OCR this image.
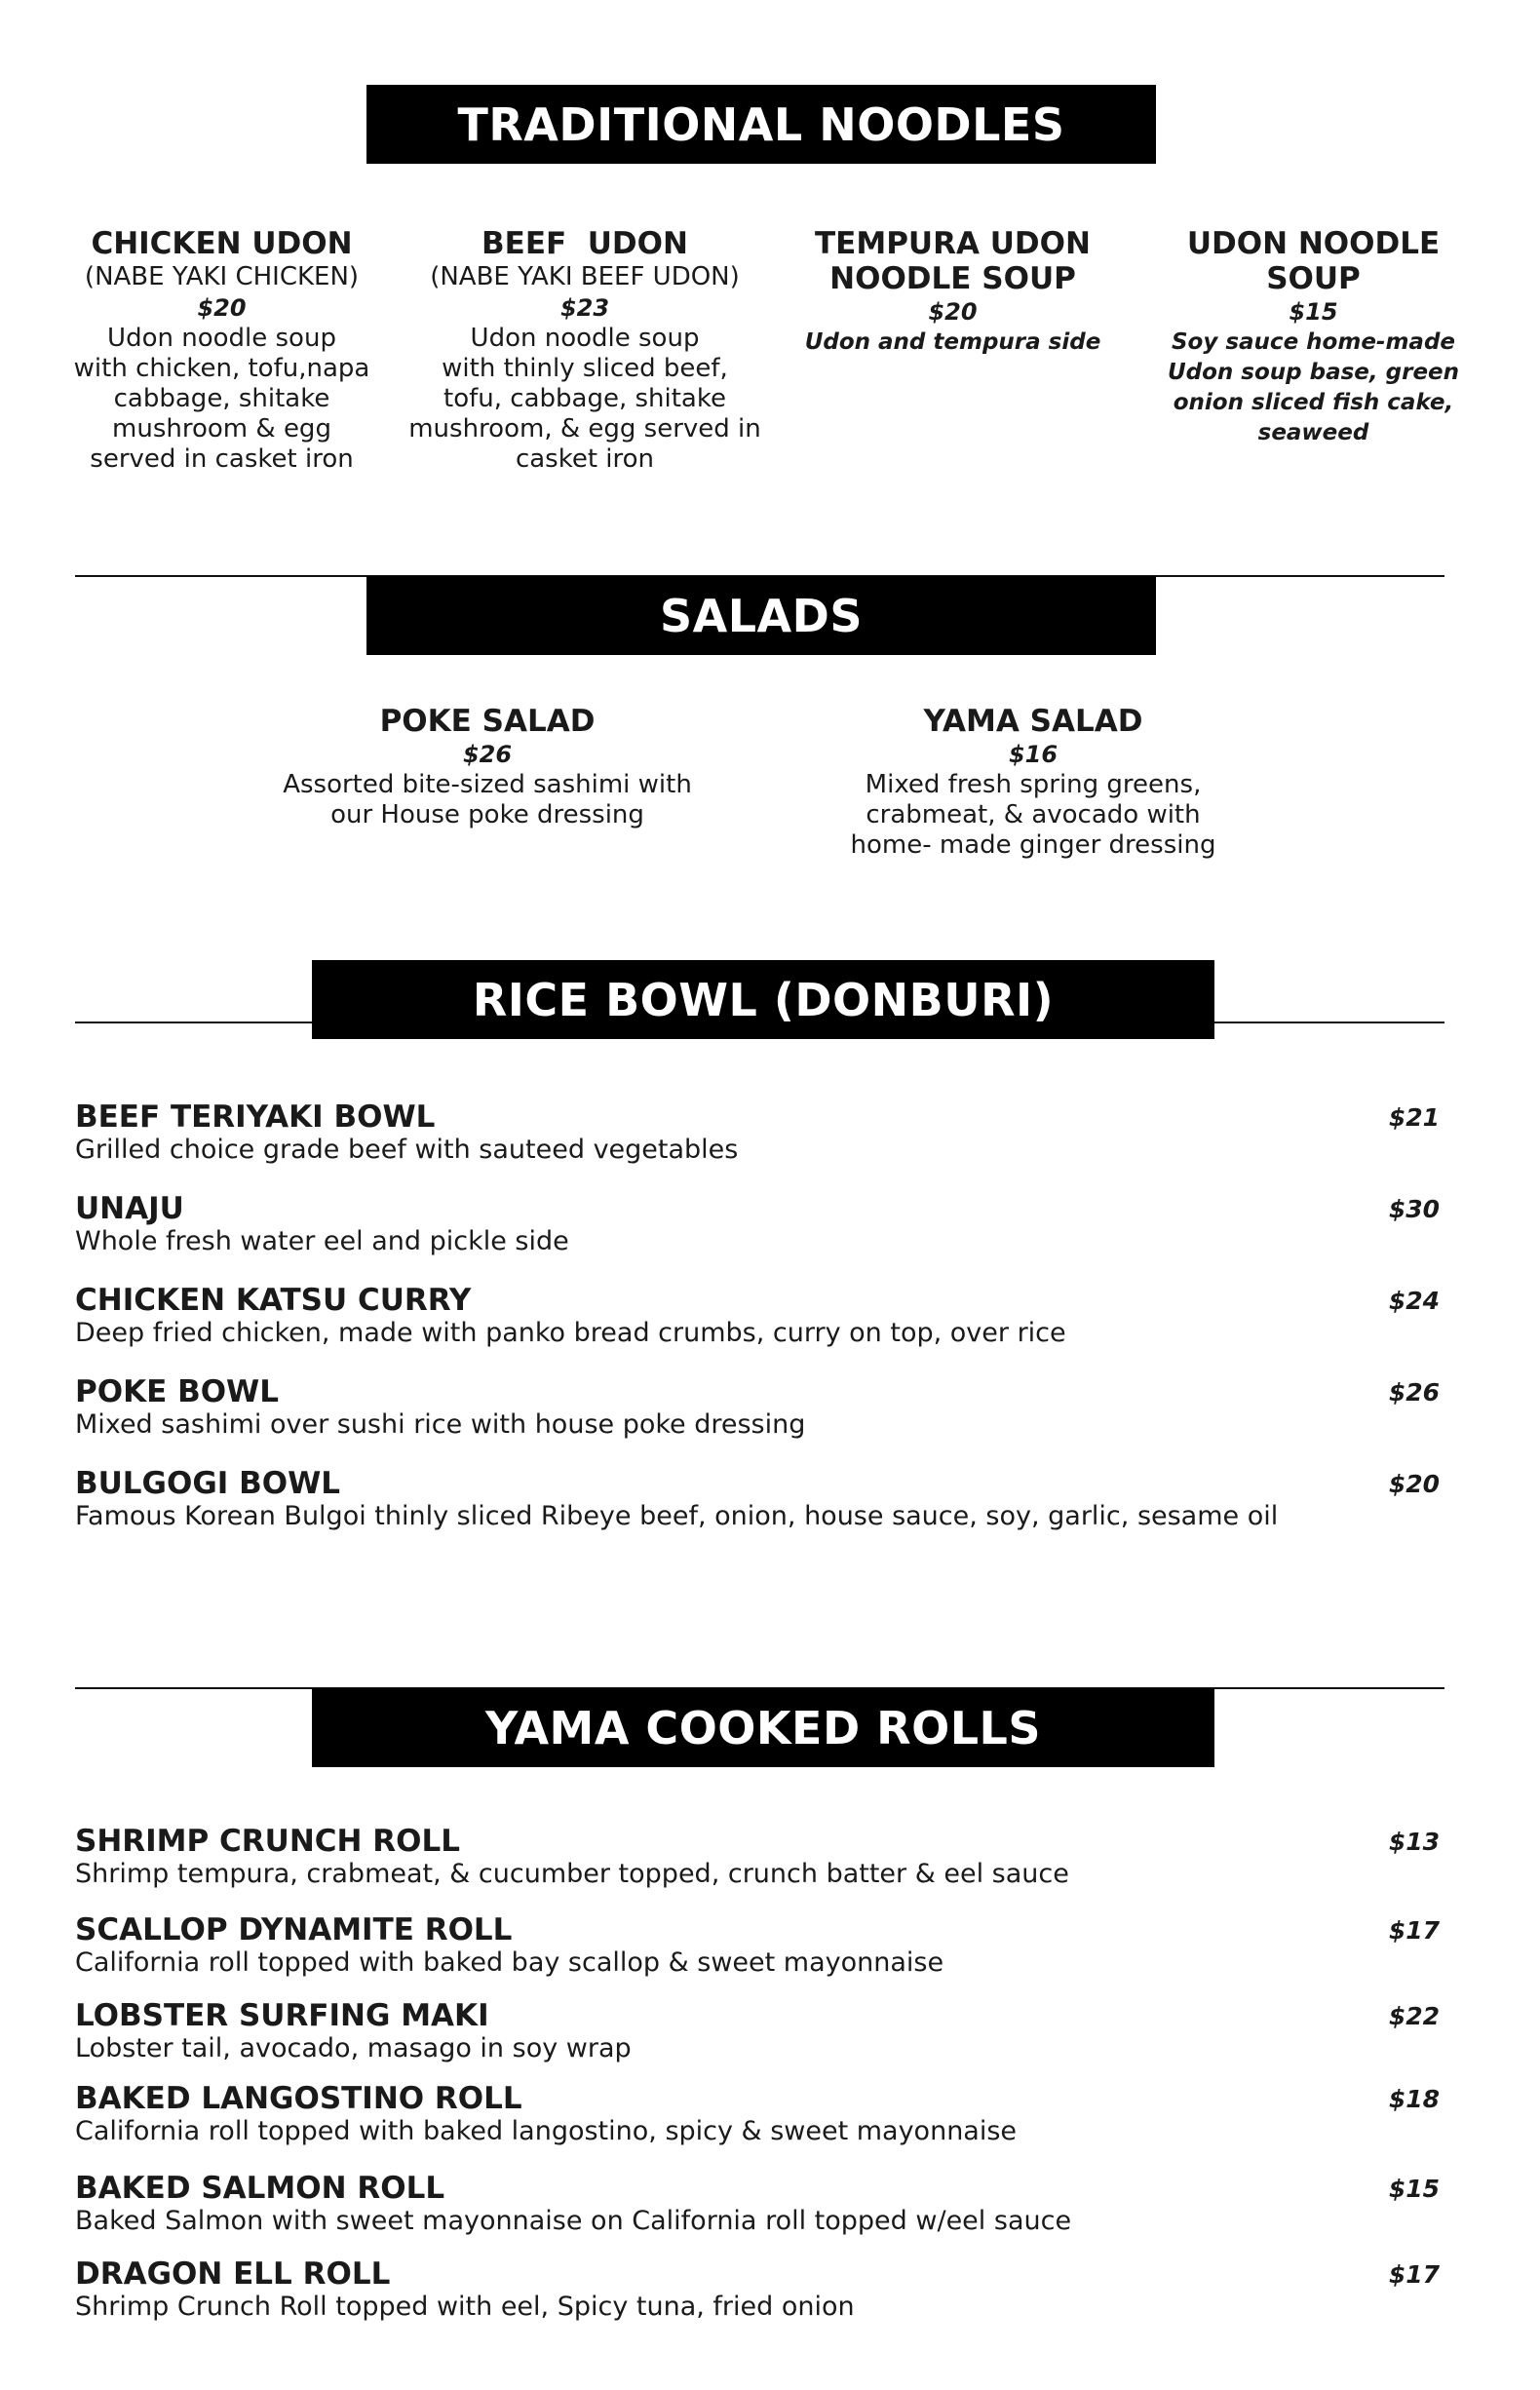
TRADITIONAL NOODLES
CHICKEN UDON
(NABE YAKI CHICKEN)
$20
Udon noodle soup
with chicken, tofu,napa
cabbage, shitake
mushroom & egg
served in casket iron
BEEF  UDON
(NABE YAKI BEEF UDON)
$23
Udon noodle soup
with thinly sliced beef,
tofu, cabbage, shitake
mushroom, & egg served in
casket iron
TEMPURA UDON
NOODLE SOUP
$20
Udon and tempura side
UDON NOODLE
SOUP
$15
Soy sauce home-made
Udon soup base, green
onion sliced fish cake,
seaweed
SALADS
POKE SALAD
$26
Assorted bite-sized sashimi with
our House poke dressing
YAMA SALAD
$16
Mixed fresh spring greens,
crabmeat, & avocado with
home- made ginger dressing
RICE BOWL (DONBURI)
BEEF TERIYAKI BOWL
Grilled choice grade beef with sauteed vegetables
$21
UNAJU
Whole fresh water eel and pickle side
$30
CHICKEN KATSU CURRY
Deep fried chicken, made with panko bread crumbs, curry on top, over rice
$24
POKE BOWL
Mixed sashimi over sushi rice with house poke dressing
$26
BULGOGI BOWL
Famous Korean Bulgoi thinly sliced Ribeye beef, onion, house sauce, soy, garlic, sesame oil
$20
YAMA COOKED ROLLS
SHRIMP CRUNCH ROLL
Shrimp tempura, crabmeat, & cucumber topped, crunch batter & eel sauce
$13
SCALLOP DYNAMITE ROLL
California roll topped with baked bay scallop & sweet mayonnaise
$17
LOBSTER SURFING MAKI
Lobster tail, avocado, masago in soy wrap
$22
BAKED LANGOSTINO ROLL
California roll topped with baked langostino, spicy & sweet mayonnaise
$18
BAKED SALMON ROLL
Baked Salmon with sweet mayonnaise on California roll topped w/eel sauce
$15
DRAGON ELL ROLL
Shrimp Crunch Roll topped with eel, Spicy tuna, fried onion
$17
